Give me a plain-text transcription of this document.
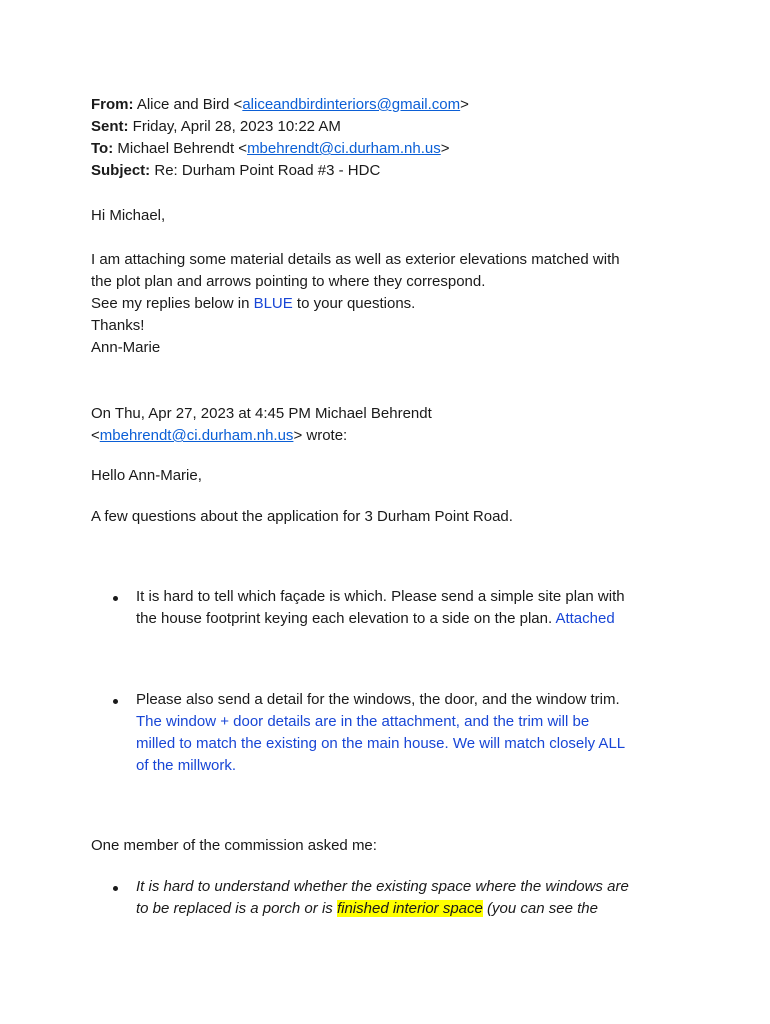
From: Alice and Bird <aliceandbirdinteriors@gmail.com>
Sent: Friday, April 28, 2023 10:22 AM
To: Michael Behrendt <mbehrendt@ci.durham.nh.us>
Subject: Re: Durham Point Road #3 - HDC
Hi Michael,
I am attaching some material details as well as exterior elevations matched with
the plot plan and arrows pointing to where they correspond.
See my replies below in BLUE to your questions.
Thanks!
Ann-Marie
On Thu, Apr 27, 2023 at 4:45 PM Michael Behrendt
<mbehrendt@ci.durham.nh.us> wrote:
Hello Ann-Marie,
A few questions about the application for 3 Durham Point Road.
It is hard to tell which façade is which. Please send a simple site plan with
the house footprint keying each elevation to a side on the plan. Attached
Please also send a detail for the windows, the door, and the window trim.
The window + door details are in the attachment, and the trim will be
milled to match the existing on the main house. We will match closely ALL
of the millwork.
One member of the commission asked me:
It is hard to understand whether the existing space where the windows are
to be replaced is a porch or is finished interior space (you can see the
